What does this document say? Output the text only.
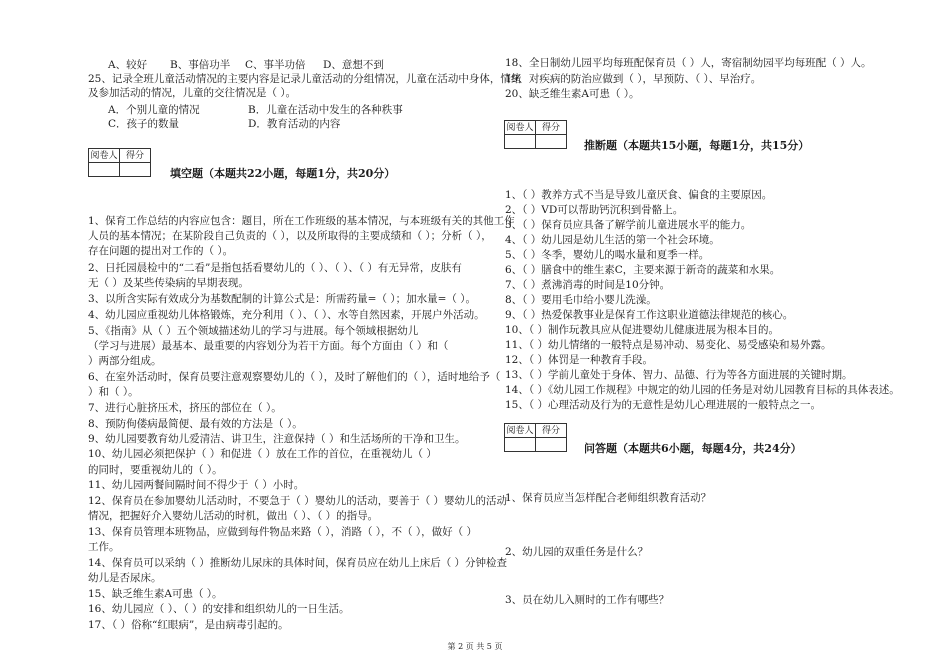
A、较好 B、事倍功半 C、事半功倍 D、意想不到
25、记录全班儿童活动情况的主要内容是记录儿童活动的分组情况，儿童在活动中身体，情绪
及参加活动的情况，儿童的交往情况是（ ）。
A．个别儿童的情况	B．儿童在活动中发生的各种秩事
C．孩子的数量	D．教育活动的内容
阅卷人	得分

填空题（本题共22小题，每题1分，共20分）
1、保育工作总结的内容应包含：题目，所在工作班级的基本情况，与本班级有关的其他工作
人员的基本情况；在某阶段自己负责的（ ），以及所取得的主要成绩和（ ）；分析（ ），
存在问题的提出对工作的（ ）。
2、日托园晨检中的“二看”是指包括看婴幼儿的（ ）、（ ）、（ ）有无异常，皮肤有
无（ ）及某些传染病的早期表现。
3、以所含实际有效成分为基数配制的计算公式是：所需药量=（ ）；加水量=（ ）。
4、幼儿园应重视幼儿体格锻炼，充分利用（ ）、（ ）、水等自然因素，开展户外活动。
5、《指南》从（ ）五个领域描述幼儿的学习与进展。每个领域根据幼儿
（学习与进展）最基本、最重要的内容划分为若干方面。每个方面由（ ）和（
）两部分组成。
6、在室外活动时，保育员要注意观察婴幼儿的（ ），及时了解他们的（ ），适时地给予（
）和（ ）。
7、进行心脏挤压术，挤压的部位在（ ）。
8、预防佝偻病最简便、最有效的方法是（ ）。
9、幼儿园要教育幼儿爱清洁、讲卫生，注意保持（ ）和生活场所的干净和卫生。
10、幼儿园必须把保护（ ）和促进（ ）放在工作的首位，在重视幼儿（ ）
的同时，要重视幼儿的（ ）。
11、幼儿园两餐间隔时间不得少于（ ）小时。
12、保育员在参加婴幼儿活动时，不要急于（ ）婴幼儿的活动，要善于（ ）婴幼儿的活动
情况，把握好介入婴幼儿活动的时机，做出（ ）、（ ）的指导。
13、保育员管理本班物品，应做到每件物品来路（ ），消路（ ），不（ ），做好（ ）
工作。
14、保育员可以采纳（ ）推断幼儿尿床的具体时间，保育员应在幼儿上床后（ ）分钟检查
幼儿是否尿床。
15、缺乏维生素A可患（ ）。
16、幼儿园应（ ）、（ ）的安排和组织幼儿的一日生活。
17、（ ）俗称“红眼病”，是由病毒引起的。
18、全日制幼儿园平均每班配保育员（ ）人，寄宿制幼园平均每班配（ ）人。
19、对疾病的防治应做到（ ），早预防、（ ）、早治疗。
20、缺乏维生素A可患（ ）。
阅卷人	得分

推断题（本题共15小题，每题1分，共15分）
1、（ ）教养方式不当是导致儿童厌食、偏食的主要原因。
2、（ ）VD可以帮助钙沉积到骨骼上。
3、（ ）保育员应具备了解学前儿童进展水平的能力。
4、（ ）幼儿园是幼儿生活的第一个社会环境。
5、（ ）冬季，婴幼儿的喝水量和夏季一样。
6、（ ）膳食中的维生素C，主要来源于新奇的蔬菜和水果。
7、（ ）煮沸消毒的时间是10分钟。
8、（ ）要用毛巾给小婴儿洗澡。
9、（ ）热爱保教事业是保育工作这职业道德法律规范的核心。
10、（ ）制作玩教具应从促进婴幼儿健康进展为根本目的。
11、（ ）幼儿情绪的一般特点是易冲动、易变化、易受感染和易外露。
12、（ ）体罚是一种教育手段。
13、（ ）学前儿童处于身体、智力、品德、行为等各方面进展的关键时期。
14、（ ）《幼儿园工作规程》中规定的幼儿园的任务是对幼儿园教育目标的具体表述。
15、（ ）心理活动及行为的无意性是幼儿心理进展的一般特点之一。
阅卷人	得分

问答题（本题共6小题，每题4分，共24分）
1、保育员应当怎样配合老师组织教育活动？
2、幼儿园的双重任务是什么？
3、员在幼儿入厕时的工作有哪些？
第 2 页 共 5 页
